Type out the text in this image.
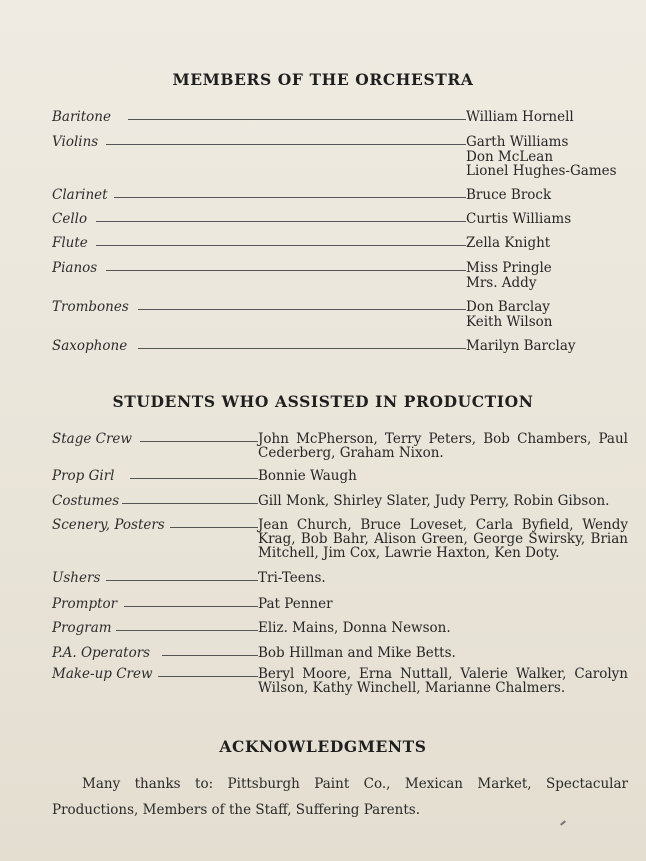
MEMBERS OF THE ORCHESTRA
Baritone	William Hornell
Violins	Garth Williams
Don McLean
Lionel Hughes-Games
Clarinet	Bruce Brock
Cello	Curtis Williams
Flute	Zella Knight
Pianos	Miss Pringle
Mrs. Addy
Trombones	Don Barclay
Keith Wilson
Saxophone	Marilyn Barclay
STUDENTS WHO ASSISTED IN PRODUCTION
Stage Crew	John McPherson, Terry Peters, Bob Chambers, Paul Cederberg, Graham Nixon.
Prop Girl	Bonnie Waugh
Costumes	Gill Monk, Shirley Slater, Judy Perry, Robin Gibson.
Scenery, Posters	Jean Church, Bruce Loveset, Carla Byfield, Wendy Krag, Bob Bahr, Alison Green, George Swirsky, Brian Mitchell, Jim Cox, Lawrie Haxton, Ken Doty.
Ushers	Tri-Teens.
Promptor	Pat Penner
Program	Eliz. Mains, Donna Newson.
P.A. Operators	Bob Hillman and Mike Betts.
Make-up Crew	Beryl Moore, Erna Nuttall, Valerie Walker, Carolyn Wilson, Kathy Winchell, Marianne Chalmers.
ACKNOWLEDGMENTS
Many thanks to: Pittsburgh Paint Co., Mexican Market, Spectacular Productions, Members of the Staff, Suffering Parents.
